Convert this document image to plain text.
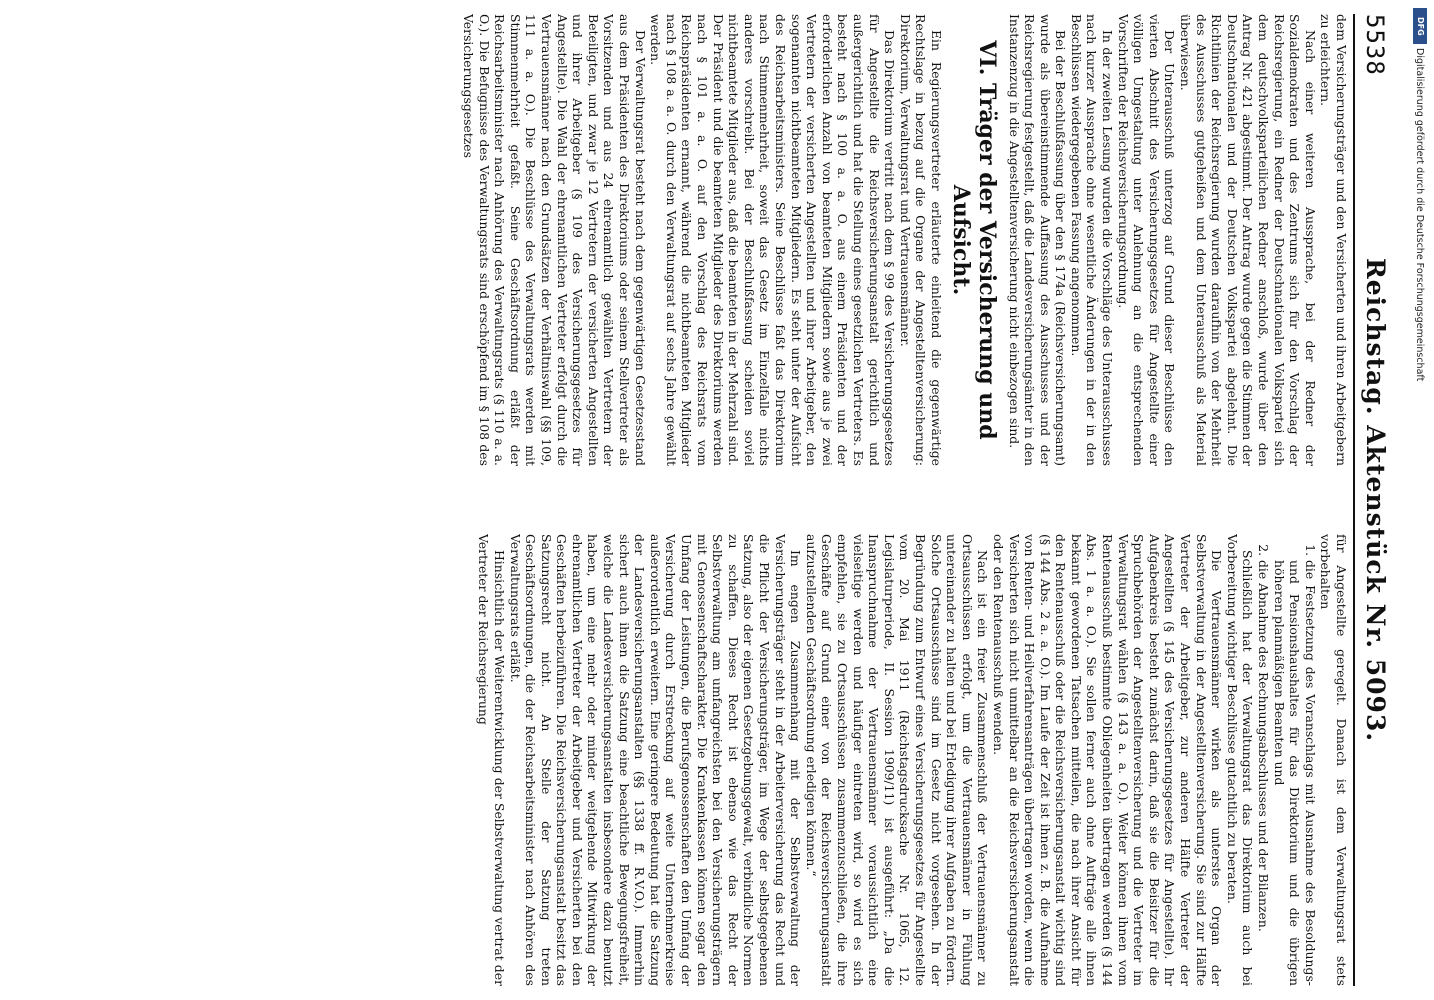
5538
Reichstag. Aktenstück Nr. 5093.

dem Versicherungsträger und den Versicherten und ihren Arbeitgebern zu erleichtern.

Nach einer weiteren Aussprache, bei der Redner der Sozialdemokraten und des Zentrums sich für den Vorschlag der Reichsregierung, ein Redner der Deutschnationalen Volkspartei sich dem deutschvolksparteilichen Redner anschloß, wurde über den Antrag Nr. 421 abgestimmt. Der Antrag wurde gegen die Stimmen der Deutschnationalen und der Deutschen Volkspartei abgelehnt. Die Richtlinien der Reichsregierung wurden daraufhin von der Mehrheit des Ausschusses gutgeheißen und dem Unterausschuß als Material überwiesen.

Der Unterausschuß unterzog auf Grund dieser Beschlüsse den vierten Abschnitt des Versicherungsgesetzes für Angestellte einer völligen Umgestaltung unter Anlehnung an die entsprechenden Vorschriften der Reichsversicherungsordnung.

In der zweiten Lesung wurden die Vorschläge des Unterausschusses nach kurzer Aussprache ohne wesentliche Änderungen in der in den Beschlüssen wiedergegebenen Fassung angenommen.

Bei der Beschlußfassung über den § 174a (Reichsversicherungsamt) wurde als übereinstimmende Auffassung des Ausschusses und der Reichsregierung festgestellt, daß die Landesversicherungsämter in den Instanzenzug in die Angestelltenversicherung nicht einbezogen sind.

VI. Träger der Versicherung und Aufsicht.

Ein Regierungsvertreter erläuterte einleitend die gegenwärtige Rechtslage in bezug auf die Organe der Angestelltenversicherung: Direktorium, Verwaltungsrat und Vertrauensmänner.

Das Direktorium vertritt nach dem § 99 des Versicherungsgesetzes für Angestellte die Reichsversicherungsanstalt gerichtlich und außergerichtlich und hat die Stellung eines gesetzlichen Vertreters. Es besteht nach § 100 a. a. O. aus einem Präsidenten und der erforderlichen Anzahl von beamteten Mitgliedern sowie aus je zwei Vertretern der versicherten Angestellten und ihrer Arbeitgeber, den sogenannten nichtbeamteten Mitgliedern. Es steht unter der Aufsicht des Reichsarbeitsministers. Seine Beschlüsse faßt das Direktorium nach Stimmenmehrheit, soweit das Gesetz im Einzelfalle nichts anderes vorschreibt. Bei der Beschlußfassung scheiden soviel nichtbeamtete Mitglieder aus, daß die beamteten in der Mehrzahl sind. Der Präsident und die beamteten Mitglieder des Direktoriums werden nach § 101 a. a. O. auf den Vorschlag des Reichsrats vom Reichspräsidenten ernannt, während die nichtbeamteten Mitglieder nach § 108 a. a. O. durch den Verwaltungsrat auf sechs Jahre gewählt werden.

Der Verwaltungsrat besteht nach dem gegenwärtigen Gesetzesstand aus dem Präsidenten des Direktoriums oder seinem Stellvertreter als Vorsitzenden und aus 24 ehrenamtlich gewählten Vertretern der Beteiligten, und zwar je 12 Vertretern der versicherten Angestellten und ihrer Arbeitgeber (§ 109 des Versicherungsgesetzes für Angestellte). Die Wahl der ehrenamtlichen Vertreter erfolgt durch die Vertrauensmänner nach den Grundsätzen der Verhältniswahl (§§ 109, 111 a. a. O.). Die Beschlüsse des Verwaltungsrats werden mit Stimmenmehrheit gefaßt. Seine Geschäftsordnung erläßt der Reichsarbeitsminister nach Anhörung des Verwaltungsrats (§ 110 a. a. O.). Die Befugnisse des Verwaltungsrats sind erschöpfend im § 108 des Versicherungsgesetzes

für Angestellte geregelt. Danach ist dem Verwaltungsrat stets vorbehalten

1. die Festsetzung des Voranschlags mit Ausnahme des Besoldungs- und Pensionshaushaltes für das Direktorium und die übrigen höheren planmäßigen Beamten und
2. die Abnahme des Rechnungsabschlusses und der Bilanzen.

Schließlich hat der Verwaltungsrat das Direktorium auch bei Vorbereitung wichtiger Beschlüsse gutachtlich zu beraten.

Die Vertrauensmänner wirken als unterstes Organ der Selbstverwaltung in der Angestelltenversicherung. Sie sind zur Hälfte Vertreter der Arbeitgeber, zur anderen Hälfte Vertreter der Angestellten (§ 145 des Versicherungsgesetzes für Angestellte). Ihr Aufgabenkreis besteht zunächst darin, daß sie die Beisitzer für die Spruchbehörden der Angestelltenversicherung und die Vertreter im Verwaltungsrat wählen (§ 143 a. a. O.). Weiter können ihnen vom Rentenausschuß bestimmte Obliegenheiten übertragen werden (§ 144 Abs. 1 a. a. O.). Sie sollen ferner auch ohne Aufträge alle ihnen bekannt gewordenen Tatsachen mitteilen, die nach ihrer Ansicht für den Rentenausschuß oder die Reichsversicherungsanstalt wichtig sind (§ 144 Abs. 2 a. a. O.). Im Laufe der Zeit ist ihnen z. B. die Aufnahme von Renten- und Heilverfahrensanträgen übertragen worden, wenn die Versicherten sich nicht unmittelbar an die Reichsversicherungsanstalt oder den Rentenausschuß wenden.

Nach ist ein freier Zusammenschluß der Vertrauensmänner zu Ortsausschüssen erfolgt, um die Vertrauensmänner in Fühlung untereinander zu halten und bei Erledigung ihrer Aufgaben zu fördern. Solche Ortsausschüsse sind im Gesetz nicht vorgesehen. In der Begründung zum Entwurf eines Versicherungsgesetzes für Angestellte vom 20. Mai 1911 (Reichstagsdrucksache Nr. 1065, 12. Legislaturperiode, II. Session 1909/11) ist ausgeführt: „Da die Inanspruchnahme der Vertrauensmänner voraussichtlich eine vielseitige werden und häufiger eintreten wird, so wird es sich empfehlen, sie zu Ortsausschüssen zusammenzuschließen, die ihre Geschäfte auf Grund einer von der Reichsversicherungsanstalt aufzustellenden Geschäftsordnung erledigen können.“

Im engen Zusammenhang mit der Selbstverwaltung der Versicherungsträger steht in der Arbeiterversicherung das Recht und die Pflicht der Versicherungsträger, im Wege der selbstgegebenen Satzung, also der eigenen Gesetzgebungsgewalt, verbindliche Normen zu schaffen. Dieses Recht ist ebenso wie das Recht der Selbstverwaltung am umfangreichsten bei den Versicherungsträgern mit Genossenschaftscharakter. Die Krankenkassen können sogar den Umfang der Leistungen, die Berufsgenossenschaften den Umfang der Versicherung durch Erstreckung auf weite Unternehmerkreise außerordentlich erweitern. Eine geringere Bedeutung hat die Satzung der Landesversicherungsanstalten (§§ 1338 ff. R.V.O.). Immerhin sichert auch ihnen die Satzung eine beachtliche Bewegungsfreiheit, welche die Landesversicherungsanstalten insbesondere dazu benutzt haben, um eine mehr oder minder weitgehende Mitwirkung der ehrenamtlichen Vertreter der Arbeitgeber und Versicherten bei den Geschäften herbeizuführen. Die Reichsversicherungsanstalt besitzt das Satzungsrecht nicht. An Stelle der Satzung treten Geschäftsordnungen, die der Reichsarbeitsminister nach Anhören des Verwaltungsrats erläßt.

Hinsichtlich der Weiterentwicklung der Selbstverwaltung vertrat der Vertreter der Reichsregierung

DFG
Digitalisierung gefördert durch die Deutsche Forschungsgemeinschaft
